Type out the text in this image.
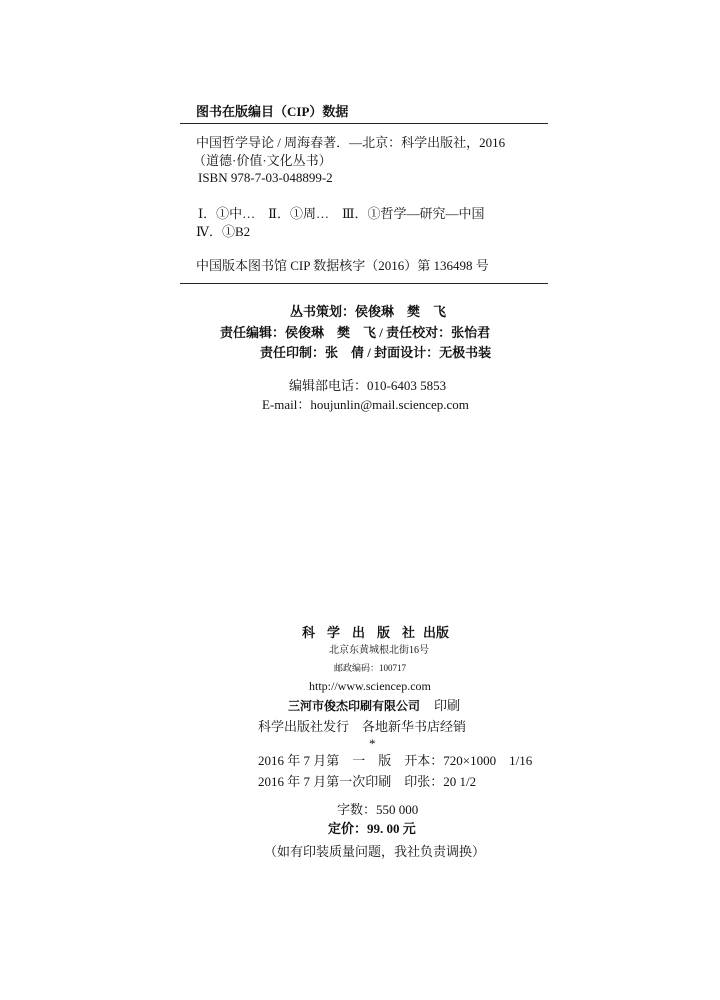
图书在版编目（CIP）数据
中国哲学导论 / 周海春著．—北京：科学出版社，2016
（道德·价值·文化丛书）
ISBN 978-7-03-048899-2
Ⅰ．①中…　Ⅱ．①周…　Ⅲ．①哲学—研究—中国
Ⅳ．①B2
中国版本图书馆 CIP 数据核字（2016）第 136498 号
丛书策划：侯俊琳　樊　飞
责任编辑：侯俊琳　樊　飞 / 责任校对：张怡君
责任印制：张　倩 / 封面设计：无极书装
编辑部电话：010-6403 5853
E-mail：houjunlin@mail.sciencep.com
科学出版社出版
北京东黄城根北街16号
邮政编码：100717
http://www.sciencep.com
三河市俊杰印刷有限公司 印刷
科学出版社发行　各地新华书店经销
*
2016 年 7 月第　一　版　开本：720×1000　1/16
2016 年 7 月第一次印刷　印张：20 1/2
字数：550 000
定价：99. 00 元
（如有印装质量问题，我社负责调换）
